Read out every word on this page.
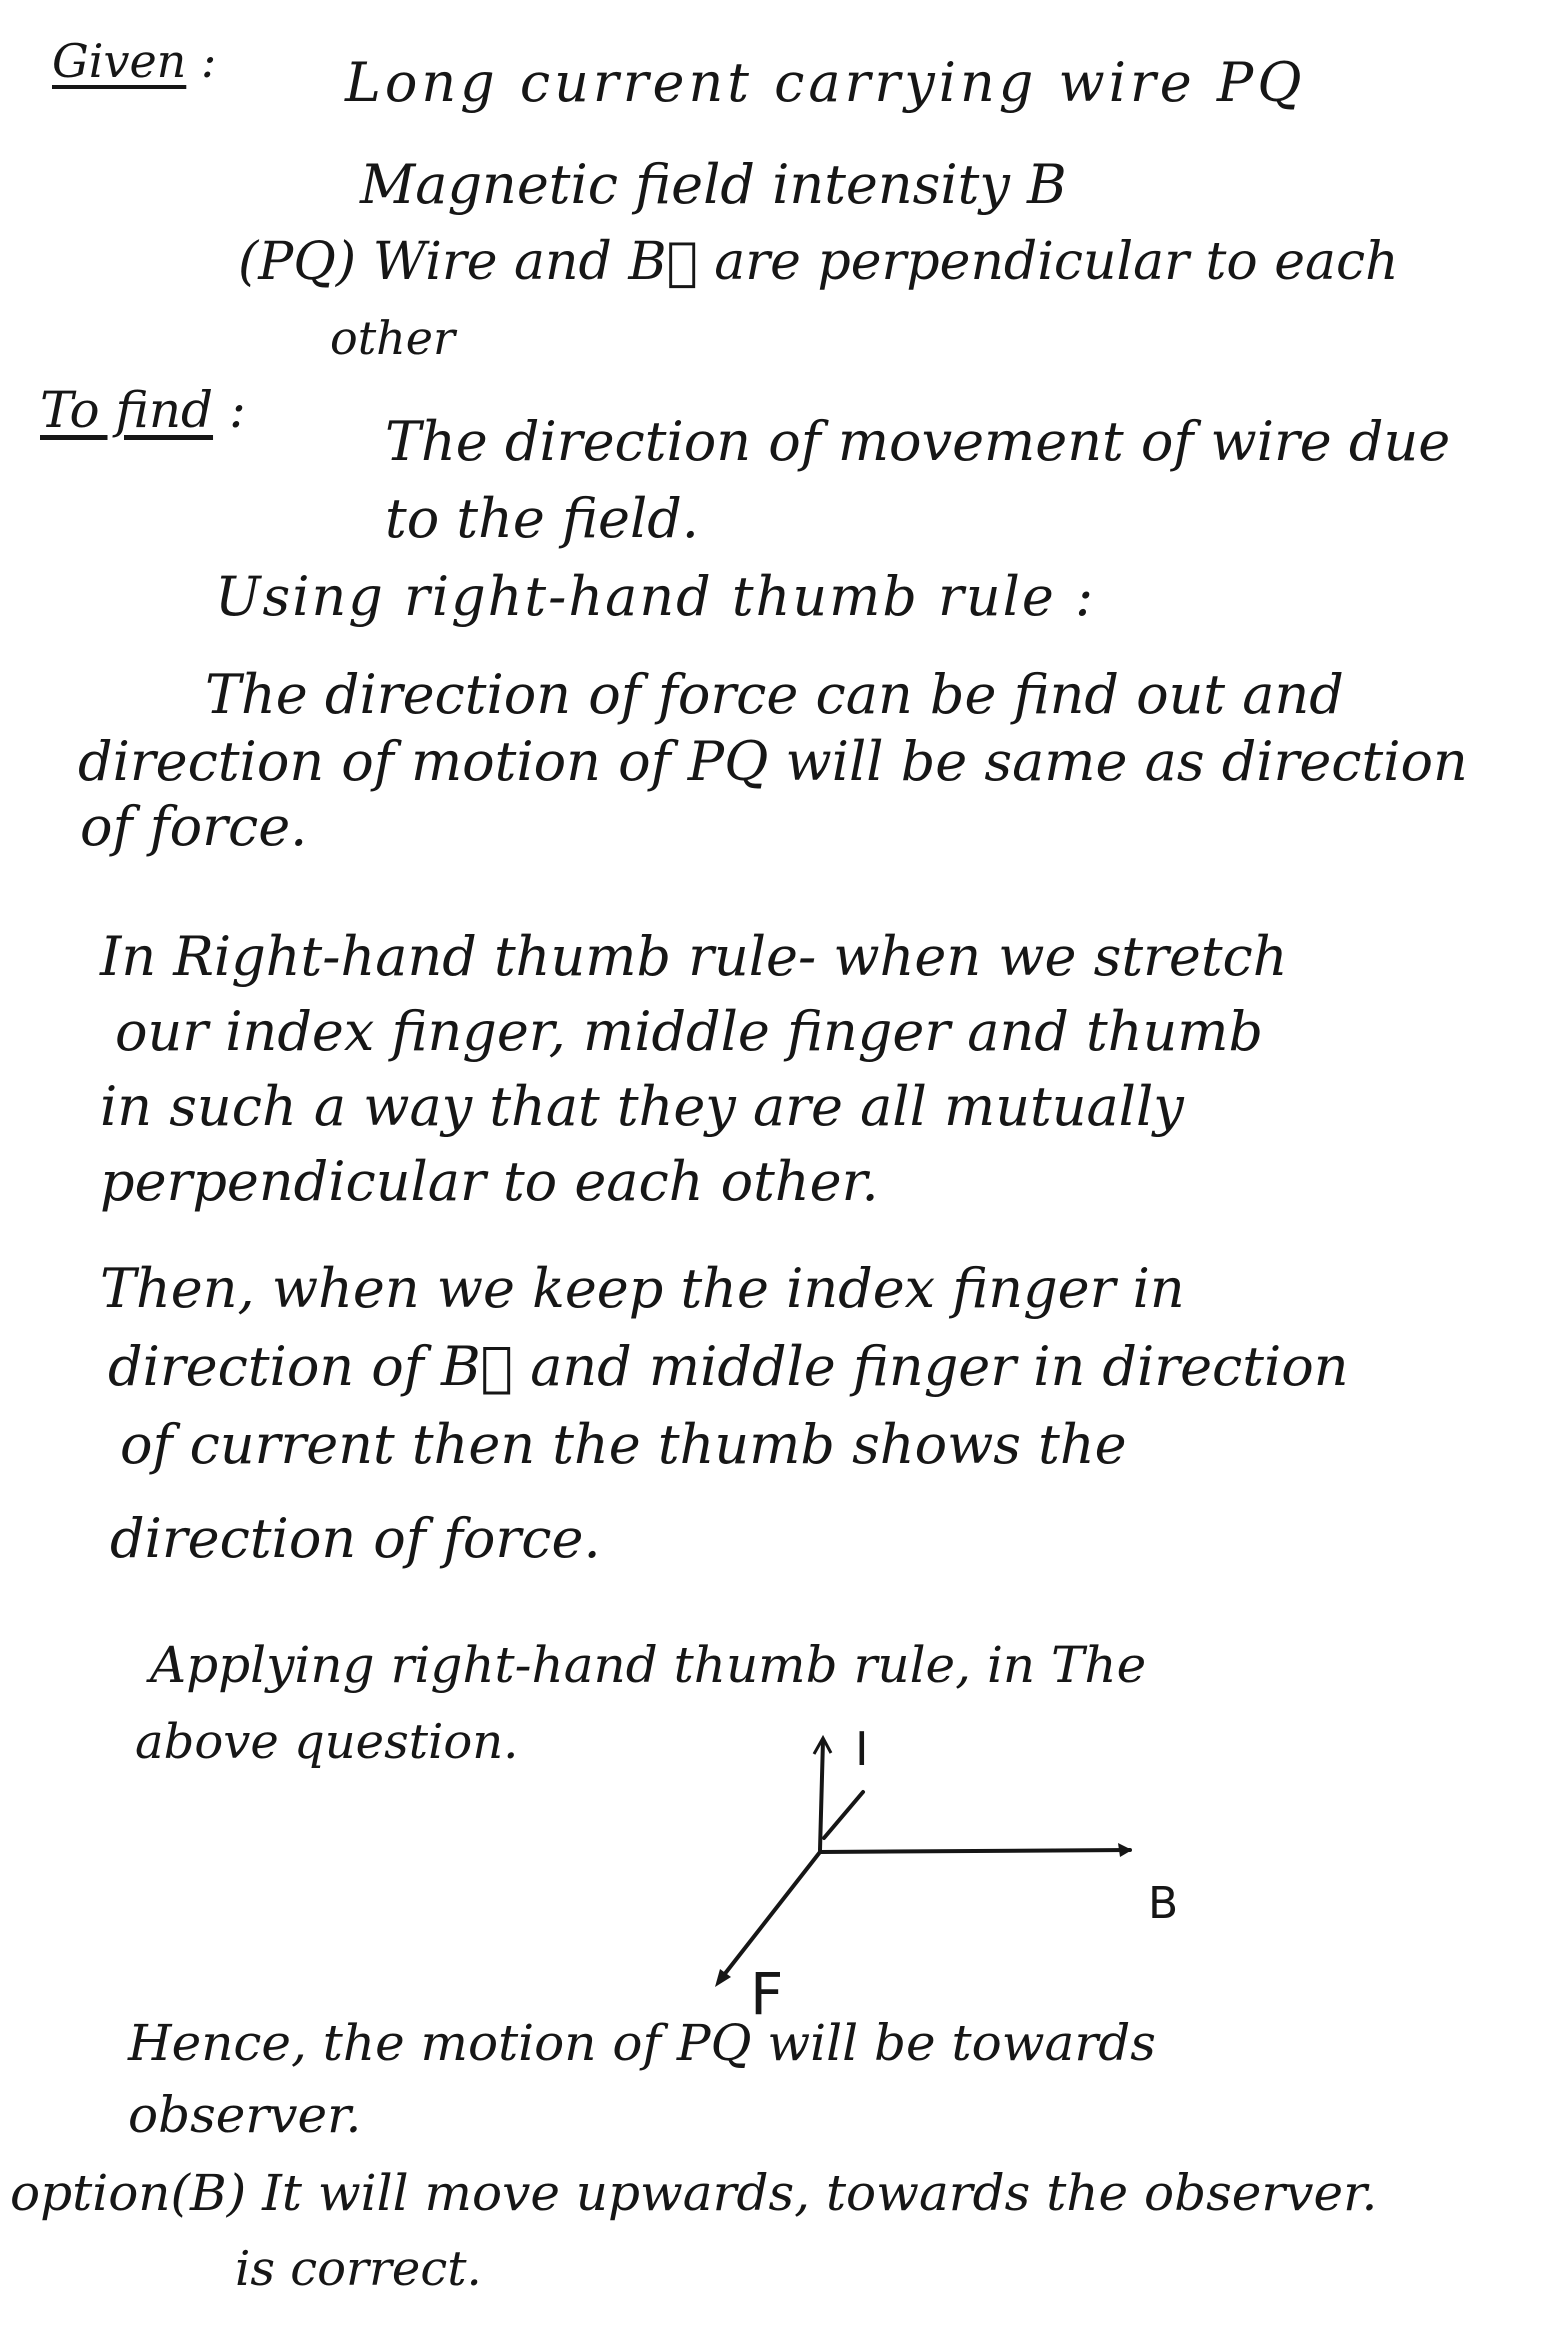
Given : Long current carrying wire PQ
Magnetic field intensity B
(PQ) Wire and B⃗ are perpendicular to each
other
To find :	The direction of movement of wire due
to the field.
Using right-hand thumb rule :
The direction of force can be find out and
direction of motion of PQ will be same as direction
of force.
In Right-hand thumb rule- when we stretch
our index finger, middle finger and thumb
in such a way that they are all mutually
perpendicular to each other.
Then, when we keep the index finger in
direction of B⃗ and middle finger in direction
of current then the thumb shows the
direction of force.
Applying right-hand thumb rule, in The
above question.	I
B
F
Hence, the motion of PQ will be towards
observer.
option(B) It will move upwards, towards the observer.
is correct.
